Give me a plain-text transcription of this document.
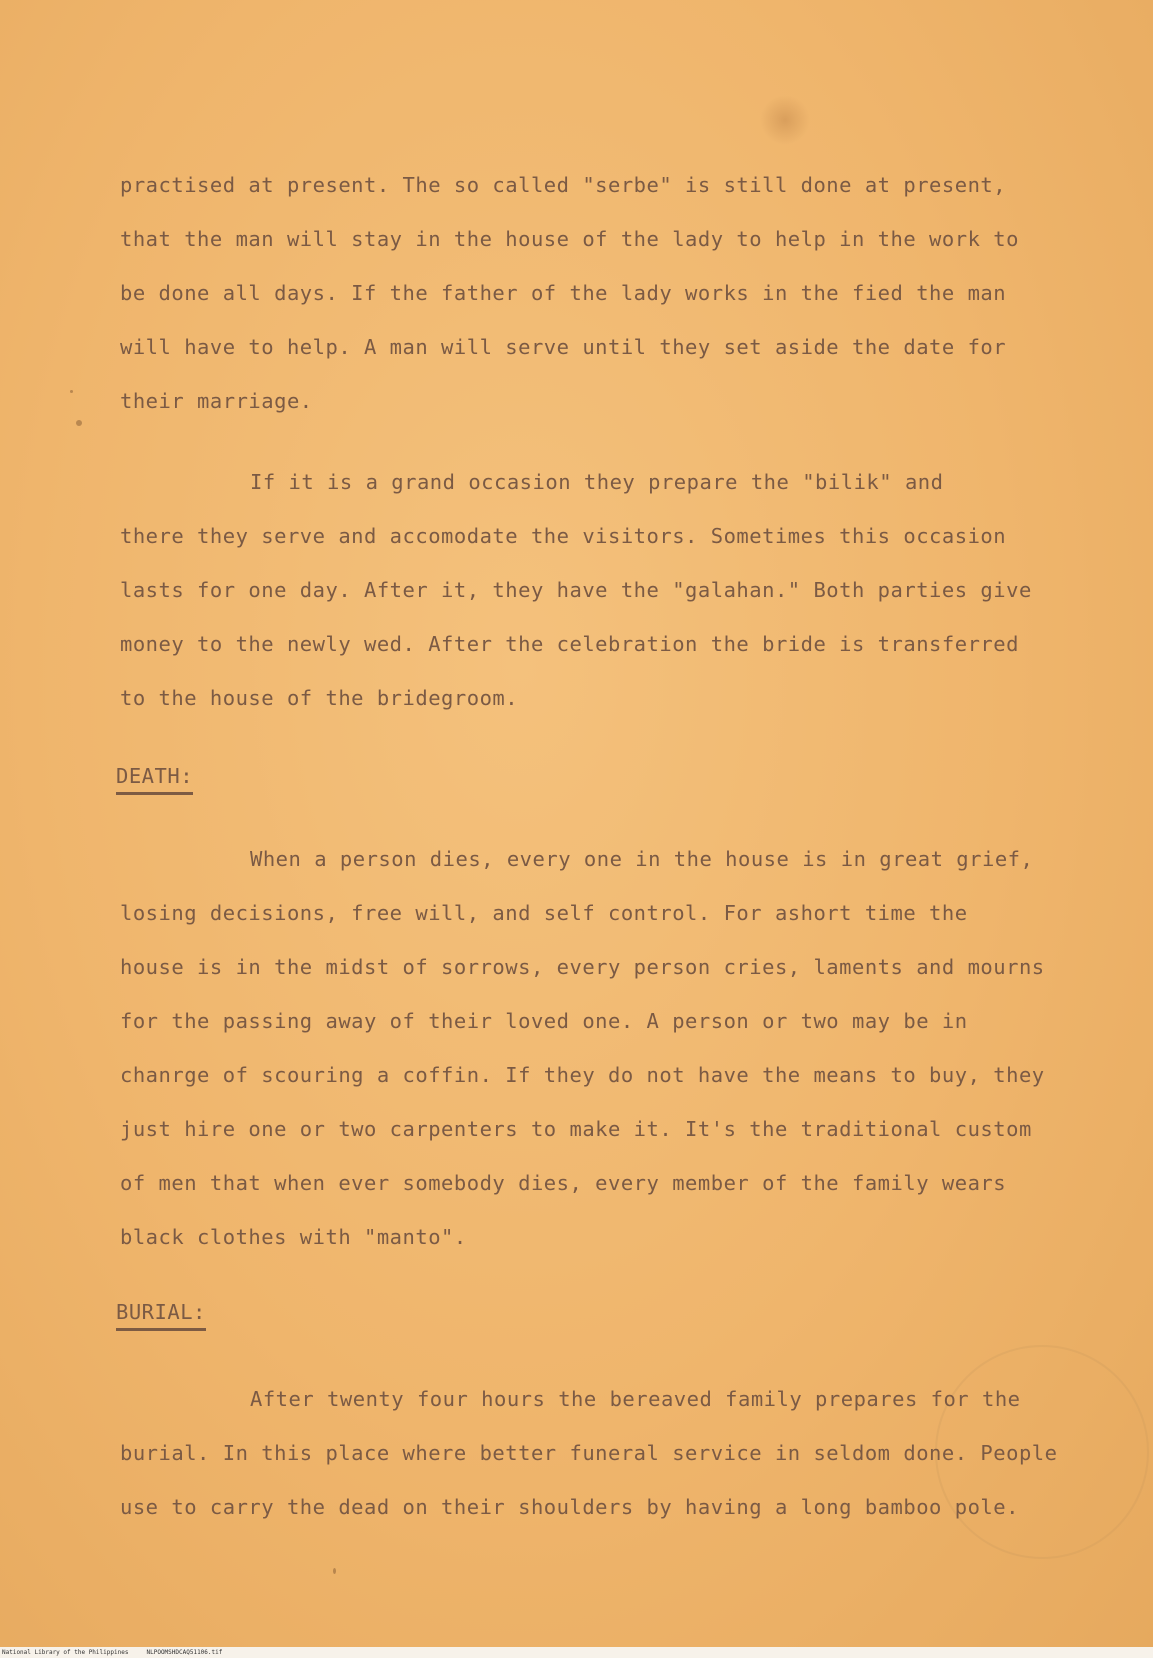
practised at present. The so called "serbe" is still done at present,
that the man will stay in the house of the lady to help in the work to
be done all days. If the father of the lady works in the fied the man
will have to help. A man will serve until they set aside the date for
their marriage.
If it is a grand occasion they prepare the "bilik" and
there they serve and accomodate the visitors. Sometimes this occasion
lasts for one day. After it, they have the "galahan." Both parties give
money to the newly wed. After the celebration the bride is transferred
to the house of the bridegroom.
DEATH:
When a person dies, every one in the house is in great grief,
losing decisions, free will, and self control. For ashort time the
house is in the midst of sorrows, every person cries, laments and mourns
for the passing away of their loved one. A person or two may be in
chanrge of scouring a coffin. If they do not have the means to buy, they
just hire one or two carpenters to make it. It's the traditional custom
of men that when ever somebody dies, every member of the family wears
black clothes with "manto".
BURIAL:
After twenty four hours the bereaved family prepares for the
burial. In this place where better funeral service in seldom done. People
use to carry the dead on their shoulders by having a long bamboo pole.
National Library of the Philippines	NLPOOMSHDCAQ51106.tif
